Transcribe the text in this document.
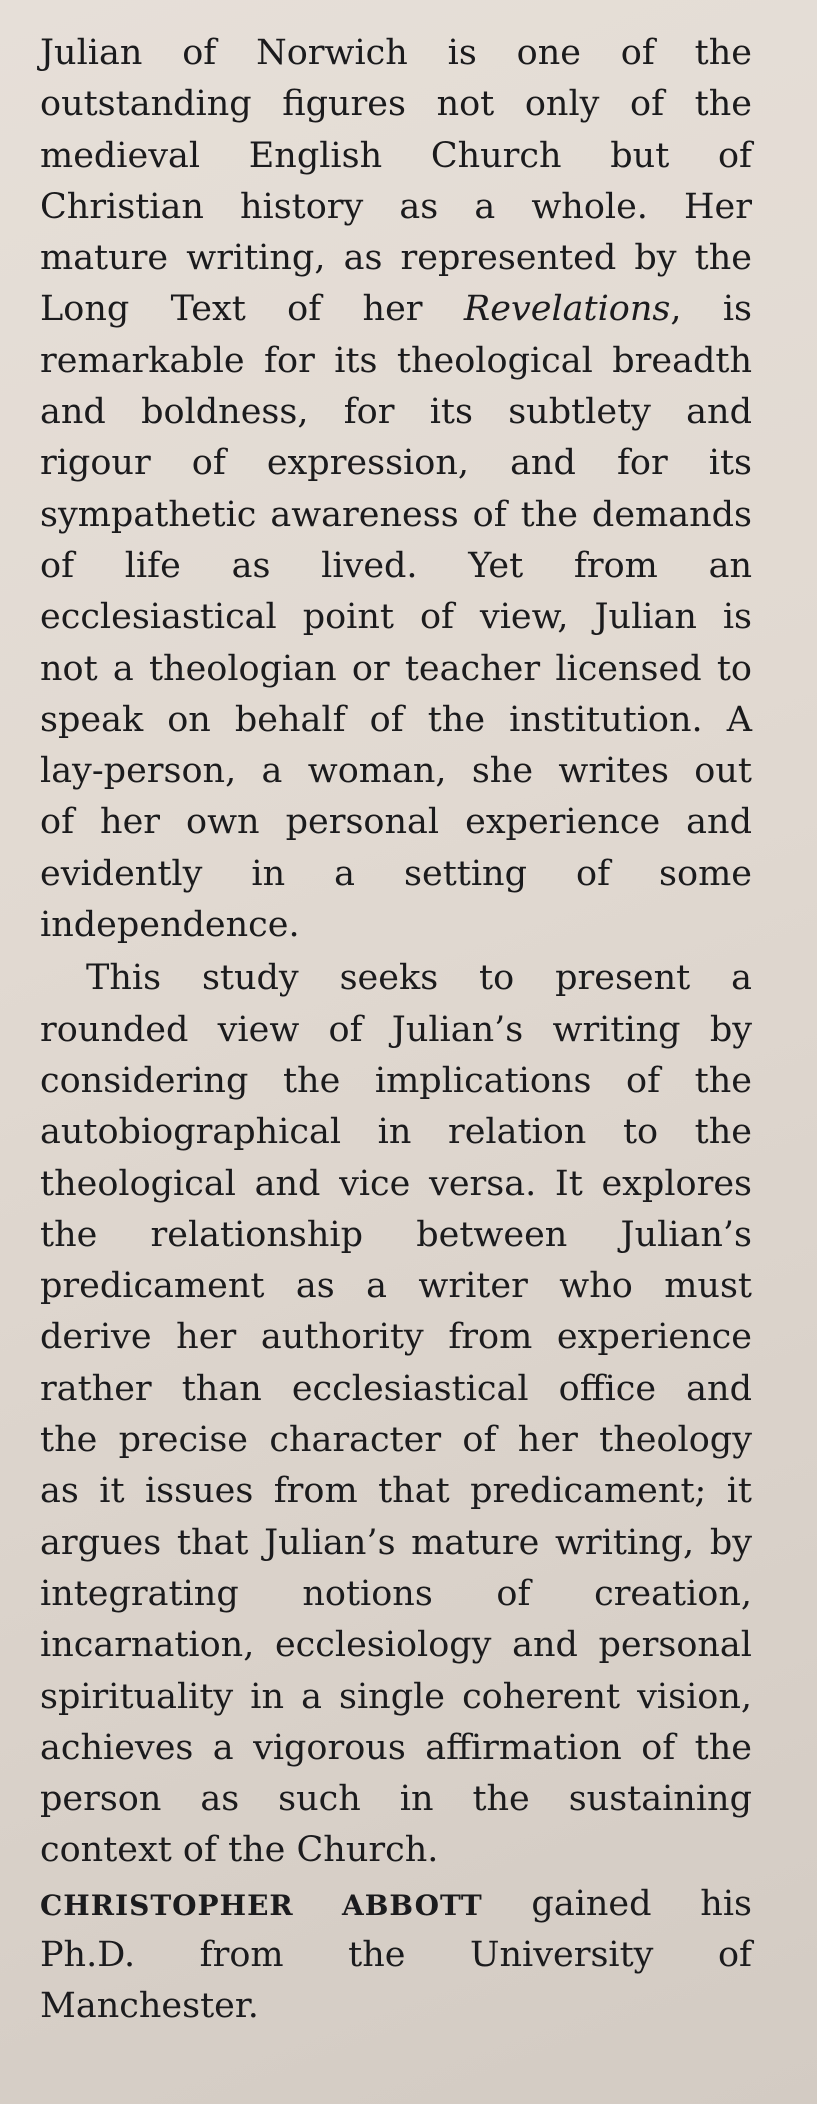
Julian of Norwich is one of the
outstanding figures not only of the
medieval English Church but of
Christian history as a whole. Her
mature writing, as represented by the
Long Text of her Revelations, is
remarkable for its theological breadth
and boldness, for its subtlety and
rigour of expression, and for its
sympathetic awareness of the demands
of life as lived. Yet from an
ecclesiastical point of view, Julian is
not a theologian or teacher licensed to
speak on behalf of the institution. A
lay-person, a woman, she writes out
of her own personal experience and
evidently in a setting of some
independence.

This study seeks to present a
rounded view of Julian’s writing by
considering the implications of the
autobiographical in relation to the
theological and vice versa. It explores
the relationship between Julian’s
predicament as a writer who must
derive her authority from experience
rather than ecclesiastical office and
the precise character of her theology
as it issues from that predicament; it
argues that Julian’s mature writing, by
integrating notions of creation,
incarnation, ecclesiology and personal
spirituality in a single coherent vision,
achieves a vigorous affirmation of the
person as such in the sustaining
context of the Church.

CHRISTOPHER ABBOTT gained his
Ph.D. from the University of
Manchester.
